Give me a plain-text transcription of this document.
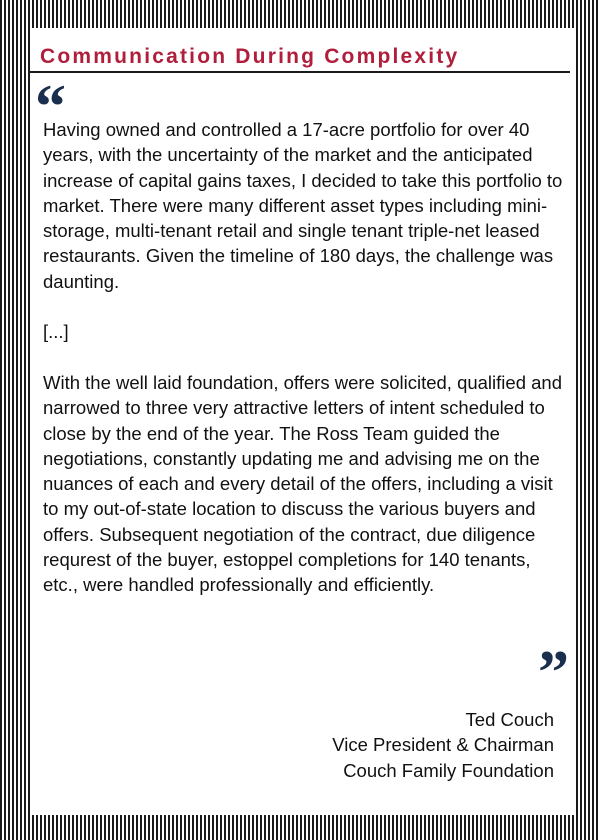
Communication During Complexity
“

Having owned and controlled a 17-acre portfolio for over 40 years, with the uncertainty of the market and the anticipated increase of capital gains taxes, I decided to take this portfolio to market. There were many different asset types including mini-storage, multi-tenant retail and single tenant triple-net leased restaurants. Given the timeline of 180 days, the challenge was daunting.

[...]

With the well laid foundation, offers were solicited, qualified and narrowed to three very attractive letters of intent scheduled to close by the end of the year. The Ross Team guided the negotiations, constantly updating me and advising me on the nuances of each and every detail of the offers, including a visit to my out-of-state location to discuss the various buyers and offers. Subsequent negotiation of the contract, due diligence requrest of the buyer, estoppel completions for 140 tenants, etc., were handled professionally and efficiently.

”
Ted Couch
Vice President & Chairman
Couch Family Foundation
